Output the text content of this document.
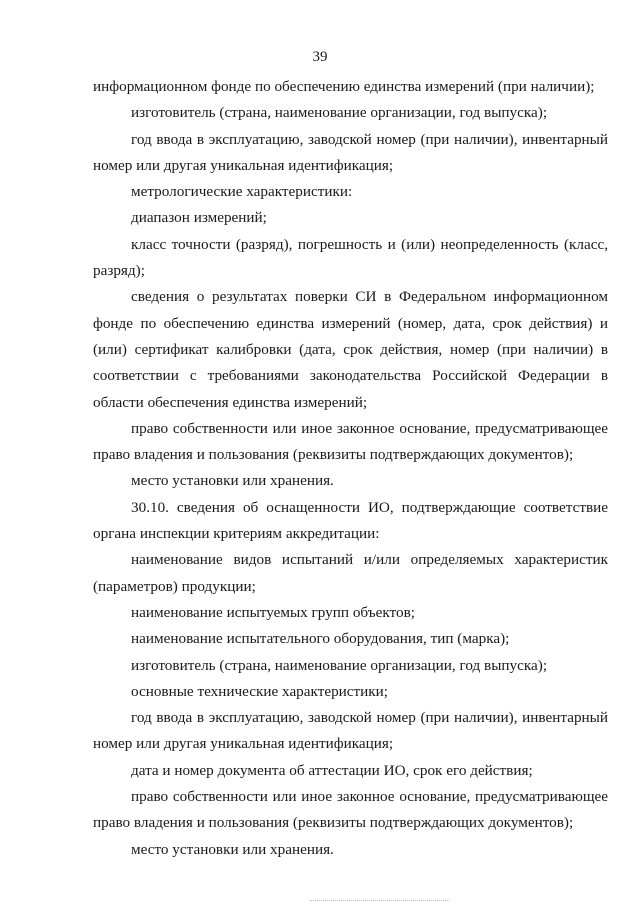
39

информационном фонде по обеспечению единства измерений (при наличии);

изготовитель (страна, наименование организации, год выпуска);

год ввода в эксплуатацию, заводской номер (при наличии), инвентарный номер или другая уникальная идентификация;

метрологические характеристики:

диапазон измерений;

класс точности (разряд), погрешность и (или) неопределенность (класс, разряд);

сведения о результатах поверки СИ в Федеральном информационном фонде по обеспечению единства измерений (номер, дата, срок действия) и (или) сертификат калибровки (дата, срок действия, номер (при наличии) в соответствии с требованиями законодательства Российской Федерации в области обеспечения единства измерений;

право собственности или иное законное основание, предусматривающее право владения и пользования (реквизиты подтверждающих документов);

место установки или хранения.

30.10. сведения об оснащенности ИО, подтверждающие соответствие органа инспекции критериям аккредитации:

наименование видов испытаний и/или определяемых характеристик (параметров) продукции;

наименование испытуемых групп объектов;

наименование испытательного оборудования, тип (марка);

изготовитель (страна, наименование организации, год выпуска);

основные технические характеристики;

год ввода в эксплуатацию, заводской номер (при наличии), инвентарный номер или другая уникальная идентификация;

дата и номер документа об аттестации ИО, срок его действия;

право собственности или иное законное основание, предусматривающее право владения и пользования (реквизиты подтверждающих документов);

место установки или хранения.
